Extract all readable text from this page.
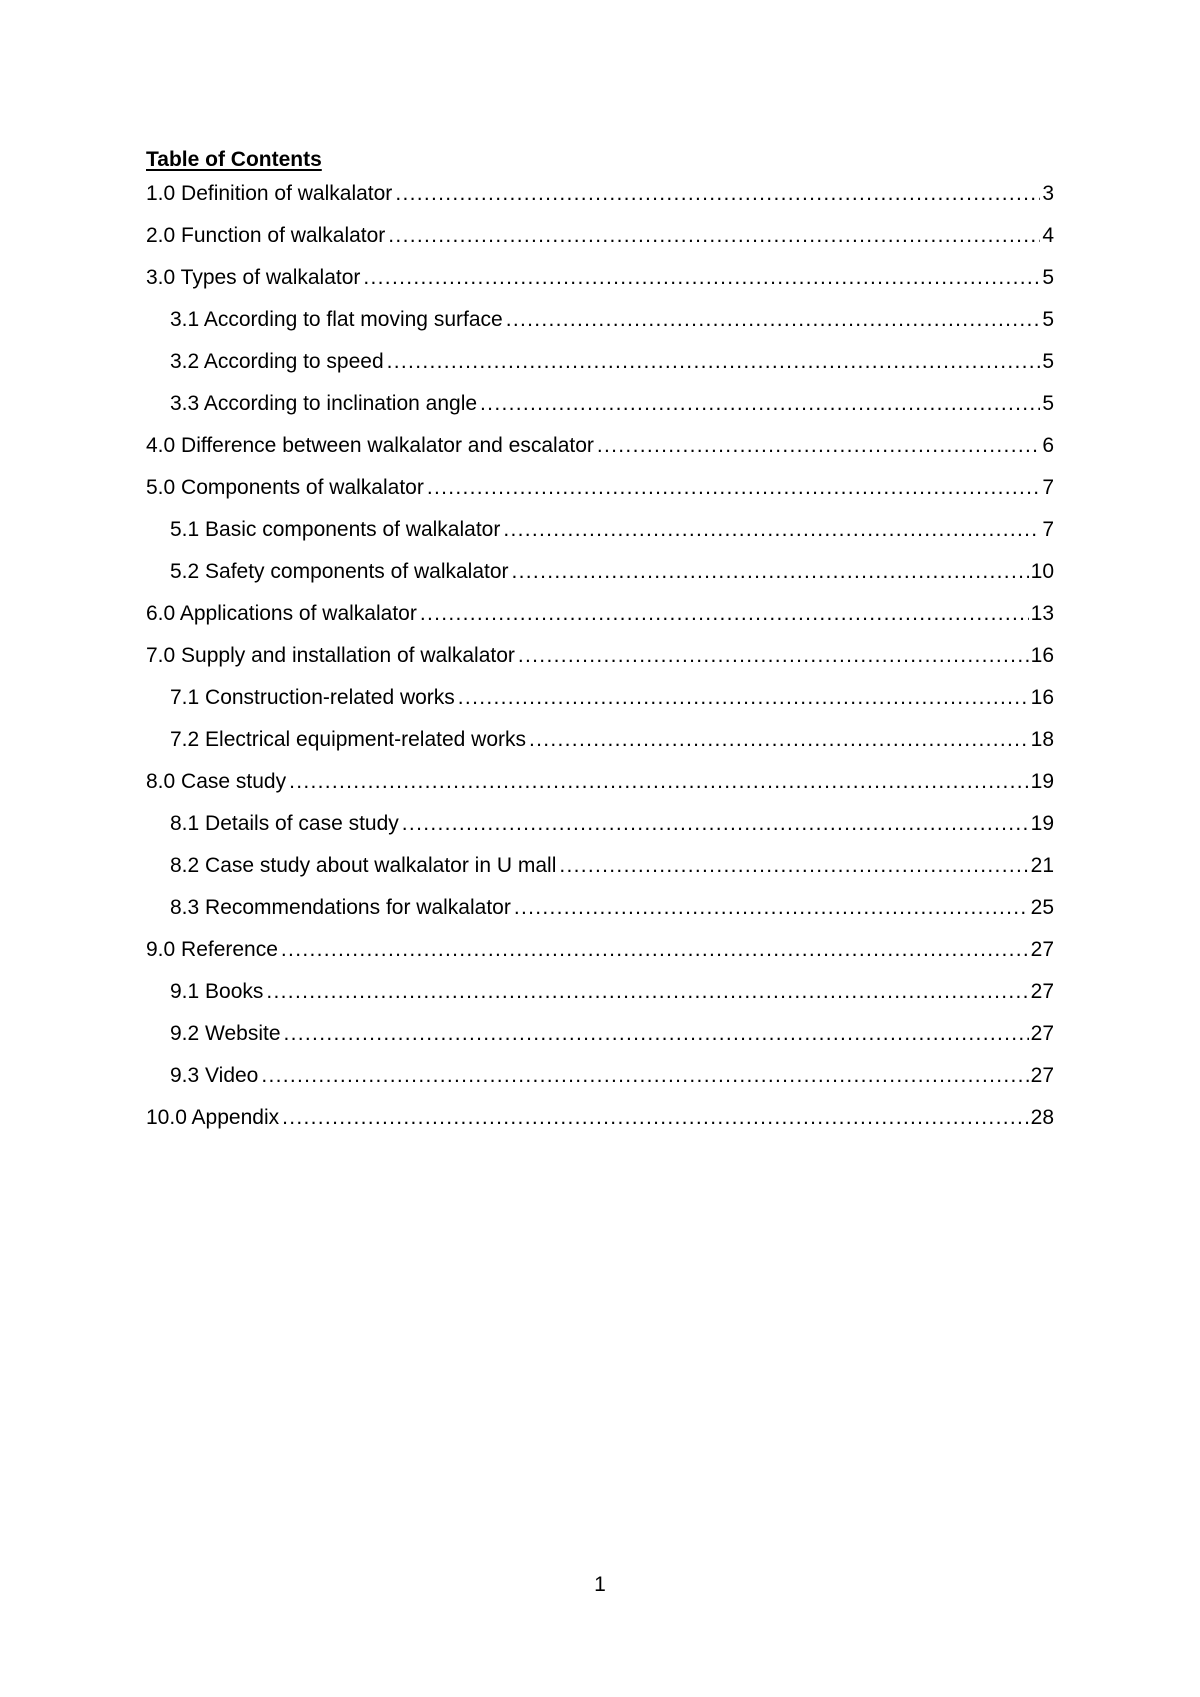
Table of Contents
1.0 Definition of walkalator .....	3
2.0 Function of walkalator .....	4
3.0 Types of walkalator .....	5
3.1 According to flat moving surface .....	5
3.2 According to speed .....	5
3.3 According to inclination angle .....	5
4.0 Difference between walkalator and escalator .....	6
5.0 Components of walkalator .....	7
5.1 Basic components of walkalator .....	7
5.2 Safety components of walkalator .....	10
6.0 Applications of walkalator .....	13
7.0 Supply and installation of walkalator .....	16
7.1 Construction-related works .....	16
7.2 Electrical equipment-related works .....	18
8.0 Case study .....	19
8.1 Details of case study .....	19
8.2 Case study about walkalator in U mall .....	21
8.3 Recommendations for walkalator .....	25
9.0 Reference .....	27
9.1 Books .....	27
9.2 Website .....	27
9.3 Video .....	27
10.0 Appendix .....	28
1
